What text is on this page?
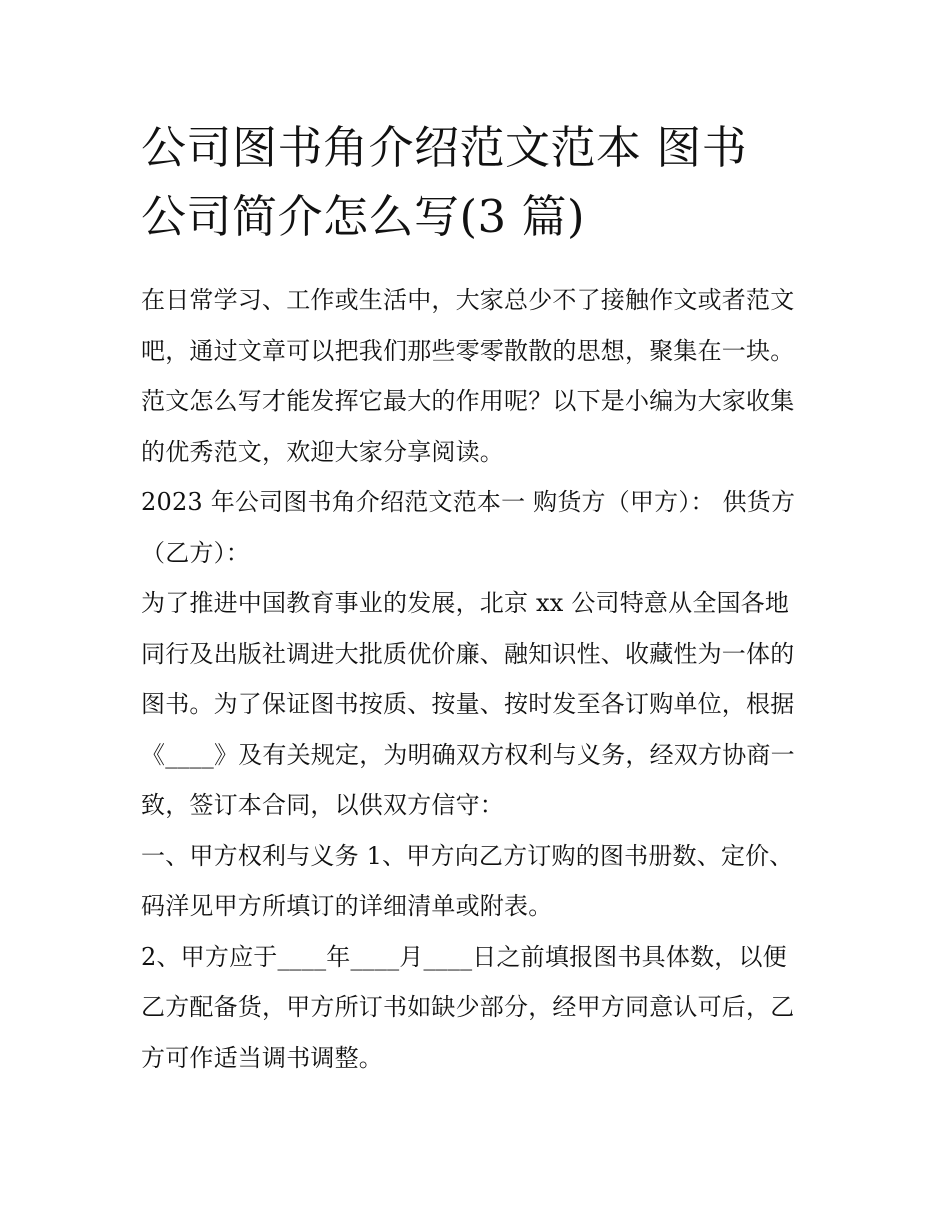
公司图书角介绍范文范本 图书
公司简介怎么写(3 篇)
在日常学习、工作或生活中，大家总少不了接触作文或者范文
吧，通过文章可以把我们那些零零散散的思想，聚集在一块。
范文怎么写才能发挥它最大的作用呢？以下是小编为大家收集
的优秀范文，欢迎大家分享阅读。
2023 年公司图书角介绍范文范本一 购货方（甲方）： 供货方
（乙方）：
为了推进中国教育事业的发展，北京 xx 公司特意从全国各地
同行及出版社调进大批质优价廉、融知识性、收藏性为一体的
图书。为了保证图书按质、按量、按时发至各订购单位，根据
《____》及有关规定，为明确双方权利与义务，经双方协商一
致，签订本合同，以供双方信守：
一、甲方权利与义务 1、甲方向乙方订购的图书册数、定价、
码洋见甲方所填订的详细清单或附表。
2、甲方应于____年____月____日之前填报图书具体数，以便
乙方配备货，甲方所订书如缺少部分，经甲方同意认可后，乙
方可作适当调书调整。
